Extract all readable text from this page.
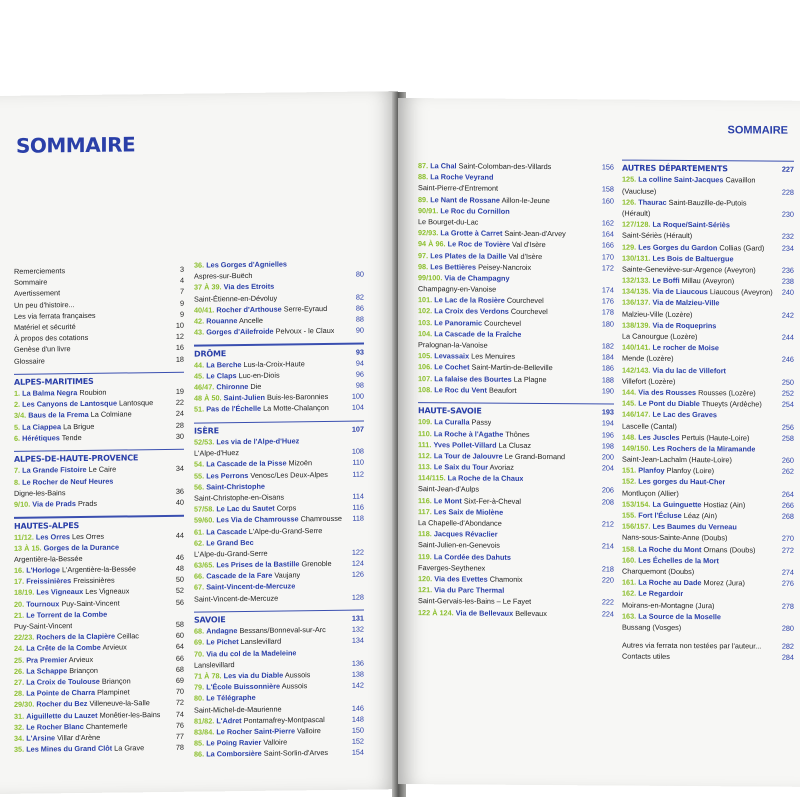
SOMMAIRE
Remerciements	3
Sommaire	4
Avertissement	7
Un peu d'histoire...	9
Les via ferrata françaises	9
Matériel et sécurité	10
À propos des cotations	12
Genèse d'un livre	16
Glossaire	18
ALPES-MARITIMES
1. La Balma Negra Roubion	19
2. Les Canyons de Lantosque Lantosque	22
3/4. Baus de la Frema La Colmiane	24
5. La Ciappea La Brigue	28
6. Hérétiques Tende	30
ALPES-DE-HAUTE-PROVENCE
7. La Grande Fistoire Le Caire	34
8. Le Rocher de Neuf Heures
Digne-les-Bains	36
9/10. Via de Prads Prads	40
HAUTES-ALPES
11/12. Les Orres Les Orres	44
13 À 15. Gorges de la Durance
Argentière-la-Bessée	46
16. L'Horloge L'Argentière-la-Bessée	48
17. Freissinières Freissinières	50
18/19. Les Vigneaux Les Vigneaux	52
20. Tournoux Puy-Saint-Vincent	56
21. Le Torrent de la Combe
Puy-Saint-Vincent	58
22/23. Rochers de la Clapière Ceillac	60
24. La Crête de la Combe Arvieux	64
25. Pra Premier Arvieux	66
26. La Schappe Briançon	68
27. La Croix de Toulouse Briançon	69
28. La Pointe de Charra Plampinet	70
29/30. Rocher du Bez Villeneuve-la-Salle	72
31. Aiguillette du Lauzet Monêtier-les-Bains	74
32. Le Rocher Blanc Chantemerle	76
34. L'Arsine Villar d'Arène	77
35. Les Mines du Grand Clôt La Grave	78
36. Les Gorges d'Agnielles
Aspres-sur-Buëch	80
37 À 39. Via des Etroits
Saint-Étienne-en-Dévoluy	82
40/41. Rocher d'Arthouse Serre-Eyraud	86
42. Rouanne Ancelle	88
43. Gorges d'Ailefroide Pelvoux - le Claux	90
DRÔME	93
44. La Berche Lus-la-Croix-Haute	94
45. Le Claps Luc-en-Diois	96
46/47. Chironne Die	98
48 À 50. Saint-Julien Buis-les-Baronnies	100
51. Pas de l'Échelle La Motte-Chalançon	104
ISÈRE	107
52/53. Les via de l'Alpe-d'Huez
L'Alpe-d'Huez	108
54. La Cascade de la Pisse Mizoën	110
55. Les Perrons Venosc/Les Deux-Alpes	112
56. Saint-Christophe
Saint-Christophe-en-Oisans	114
57/58. Le Lac du Sautet Corps	116
59/60. Les Via de Chamrousse Chamrousse	118
61. La Cascade L'Alpe-du-Grand-Serre
62. Le Grand Bec
L'Alpe-du-Grand-Serre	122
63/65. Les Prises de la Bastille Grenoble	124
66. Cascade de la Fare Vaujany	126
67. Saint-Vincent-de-Mercuze
Saint-Vincent-de-Mercuze	128
SAVOIE	131
68. Andagne Bessans/Bonneval-sur-Arc	132
69. Le Pichet Lanslevillard	134
70. Via du col de la Madeleine
Lanslevillard	136
71 À 78. Les via du Diable Aussois	138
79. L'École Buissonnière Aussois	142
80. Le Télégraphe
Saint-Michel-de-Maurienne	146
81/82. L'Adret Pontamafrey-Montpascal	148
83/84. Le Rocher Saint-Pierre Valloire	150
85. Le Poing Ravier Valloire	152
86. La Comborsière Saint-Sorlin-d'Arves	154
SOMMAIRE
87. La Chal Saint-Colomban-des-Villards	156
88. La Roche Veyrand
Saint-Pierre-d'Entremont	158
89. Le Nant de Rossane Aillon-le-Jeune	160
90/91. Le Roc du Cornillon
Le Bourget-du-Lac	162
92/93. La Grotte à Carret Saint-Jean-d'Arvey	164
94 À 96. Le Roc de Tovière Val d'Isère	166
97. Les Plates de la Daille Val d'Isère	170
98. Les Bettières Peisey-Nancroix	172
99/100. Via de Champagny
Champagny-en-Vanoise	174
101. Le Lac de la Rosière Courchevel	176
102. La Croix des Verdons Courchevel	178
103. Le Panoramic Courchevel	180
104. La Cascade de la Fraîche
Pralognan-la-Vanoise	182
105. Levassaix Les Menuires	184
106. Le Cochet Saint-Martin-de-Belleville	186
107. La falaise des Bourtes La Plagne	188
108. Le Roc du Vent Beaufort	190
HAUTE-SAVOIE	193
109. La Curalla Passy	194
110. La Roche à l'Agathe Thônes	196
111. Yves Pollet-Villard La Clusaz	198
112. La Tour de Jalouvre Le Grand-Bornand	200
113. Le Saix du Tour Avoriaz	204
114/115. La Roche de la Chaux
Saint-Jean-d'Aulps	206
116. Le Mont Sixt-Fer-à-Cheval	208
117. Les Saix de Miolène
La Chapelle-d'Abondance	212
118. Jacques Révaclier
Saint-Julien-en-Genevois	214
119. La Cordée des Dahuts
Faverges-Seythenex	218
120. Via des Evettes Chamonix	220
121. Via du Parc Thermal
Saint-Gervais-les-Bains – Le Fayet	222
122 À 124. Via de Bellevaux Bellevaux	224
AUTRES DÉPARTEMENTS	227
125. La colline Saint-Jacques Cavaillon
(Vaucluse)	228
126. Thaurac Saint-Bauzille-de-Putois
(Hérault)	230
127/128. La Roque/Saint-Sériès
Saint-Sériès (Hérault)	232
129. Les Gorges du Gardon Collias (Gard)	234
130/131. Les Bois de Baltuergue
Sainte-Geneviève-sur-Argence (Aveyron)	236
132/133. Le Boffi Millau (Aveyron)	238
134/135. Via de Liaucous Liaucous (Aveyron)	240
136/137. Via de Malzieu-Ville
Malzieu-Ville (Lozère)	242
138/139. Via de Roqueprins
La Canourgue (Lozère)	244
140/141. Le rocher de Moise
Mende (Lozère)	246
142/143. Via du lac de Villefort
Villefort (Lozère)	250
144. Via des Rousses Rousses (Lozère)	252
145. Le Pont du Diable Thueyts (Ardèche)	254
146/147. Le Lac des Graves
Lascelle (Cantal)	256
148. Les Juscles Pertuis (Haute-Loire)	258
149/150. Les Rochers de la Miramande
Saint-Jean-Lachalm (Haute-Loire)	260
151. Planfoy Planfoy (Loire)	262
152. Les gorges du Haut-Cher
Montluçon (Allier)	264
153/154. La Guinguette Hostiaz (Ain)	266
155. Fort l'Écluse Léaz (Ain)	268
156/157. Les Baumes du Verneau
Nans-sous-Sainte-Anne (Doubs)	270
158. La Roche du Mont Ornans (Doubs)	272
160. Les Échelles de la Mort
Charquemont (Doubs)	274
161. La Roche au Dade Morez (Jura)	276
162. Le Regardoir
Moirans-en-Montagne (Jura)	278
163. La Source de la Moselle
Bussang (Vosges)	280
Autres via ferrata non testées par l'auteur...	282
Contacts utiles	284
